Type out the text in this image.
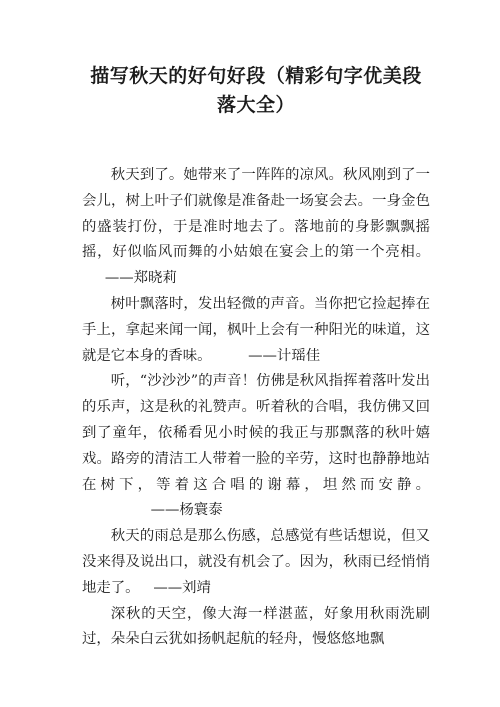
描写秋天的好句好段（精彩句字优美段落大全）

秋天到了。她带来了一阵阵的凉风。秋风刚到了一会儿，树上叶子们就像是准备赴一场宴会去。一身金色的盛装打份，于是准时地去了。落地前的身影飘飘摇摇，好似临风而舞的小姑娘在宴会上的第一个亮相。     ——郑晓莉

树叶飘落时，发出轻微的声音。当你把它捡起捧在手上，拿起来闻一闻，枫叶上会有一种阳光的味道，这就是它本身的香味。	——计瑶佳

听，“沙沙沙”的声音！仿佛是秋风指挥着落叶发出的乐声，这是秋的礼赞声。听着秋的合唱，我仿佛又回到了童年，依稀看见小时候的我正与那飘落的秋叶嬉戏。路旁的清洁工人带着一脸的辛劳，这时也静静地站在树下，等着这合唱的谢幕，坦然而安静。               ——杨寰泰

秋天的雨总是那么伤感，总感觉有些话想说，但又没来得及说出口，就没有机会了。因为，秋雨已经悄悄地走了。 ——刘靖

深秋的天空，像大海一样湛蓝，好象用秋雨洗刷过，朵朵白云犹如扬帆起航的轻舟，慢悠悠地飘
